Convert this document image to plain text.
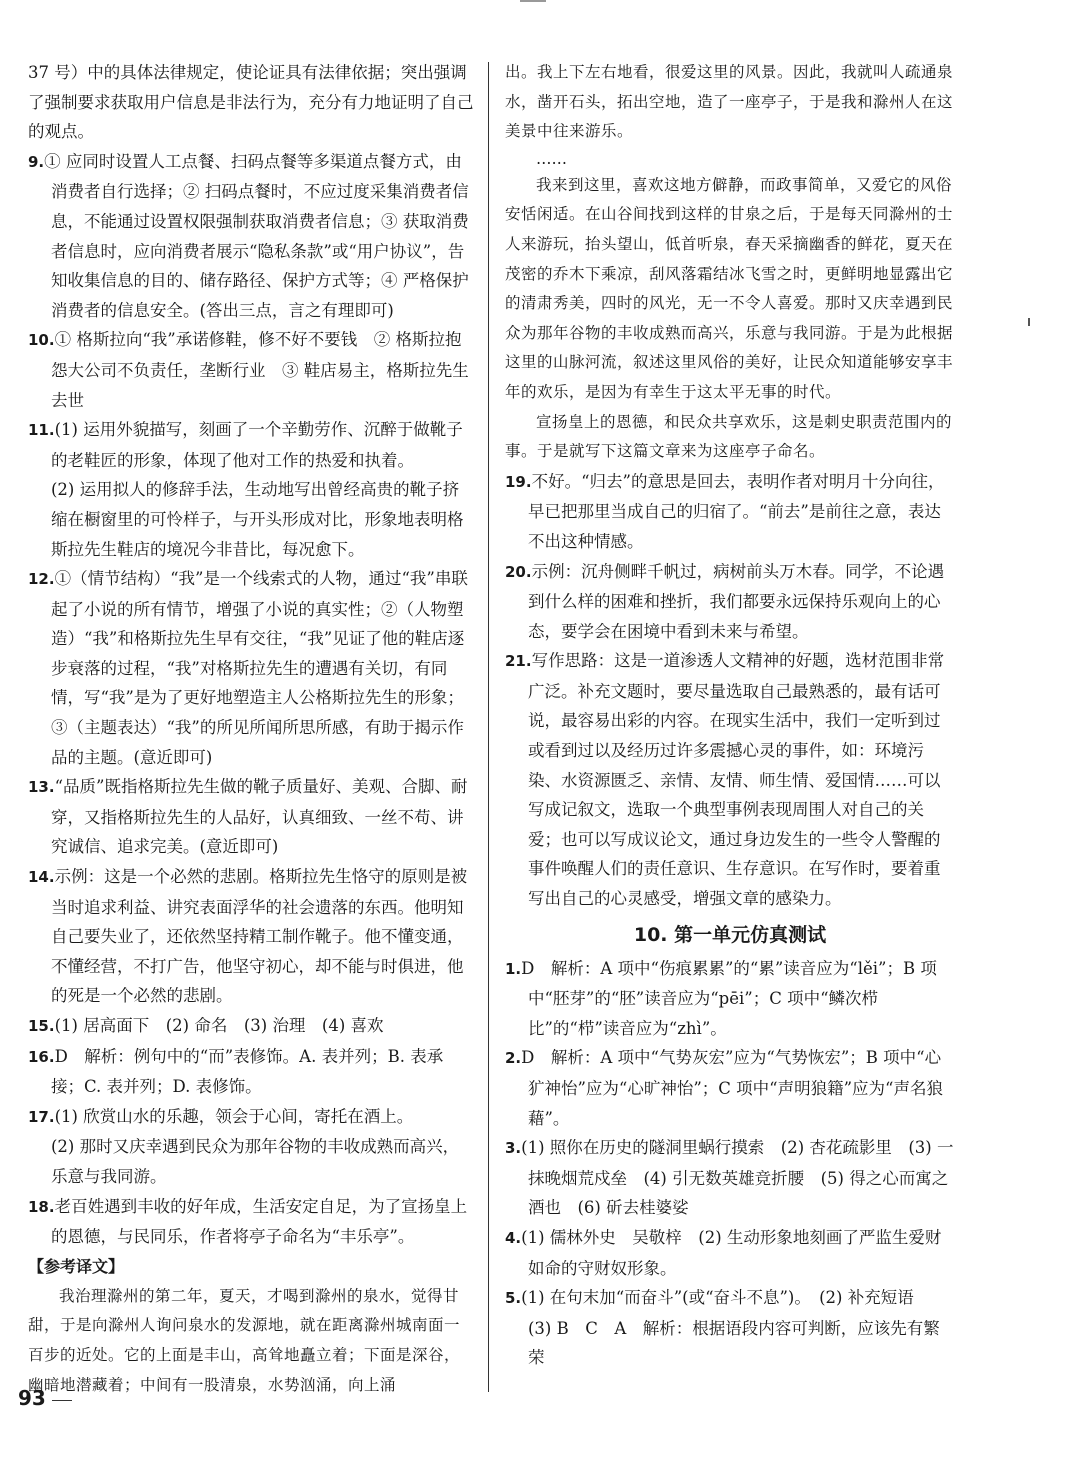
37 号）中的具体法律规定，使论证具有法律依据；突出强调了强制要求获取用户信息是非法行为，充分有力地证明了自己的观点。

9.① 应同时设置人工点餐、扫码点餐等多渠道点餐方式，由消费者自行选择；② 扫码点餐时，不应过度采集消费者信息，不能通过设置权限强制获取消费者信息；③ 获取消费者信息时，应向消费者展示“隐私条款”或“用户协议”，告知收集信息的目的、储存路径、保护方式等；④ 严格保护消费者的信息安全。(答出三点，言之有理即可)

10.① 格斯拉向“我”承诺修鞋，修不好不要钱　② 格斯拉抱怨大公司不负责任，垄断行业　③ 鞋店易主，格斯拉先生去世

11.(1) 运用外貌描写，刻画了一个辛勤劳作、沉醉于做靴子的老鞋匠的形象，体现了他对工作的热爱和执着。

(2) 运用拟人的修辞手法，生动地写出曾经高贵的靴子挤缩在橱窗里的可怜样子，与开头形成对比，形象地表明格斯拉先生鞋店的境况今非昔比，每况愈下。

12.①（情节结构）“我”是一个线索式的人物，通过“我”串联起了小说的所有情节，增强了小说的真实性；②（人物塑造）“我”和格斯拉先生早有交往，“我”见证了他的鞋店逐步衰落的过程，“我”对格斯拉先生的遭遇有关切，有同情，写“我”是为了更好地塑造主人公格斯拉先生的形象；③（主题表达）“我”的所见所闻所思所感，有助于揭示作品的主题。(意近即可)

13.“品质”既指格斯拉先生做的靴子质量好、美观、合脚、耐穿，又指格斯拉先生的人品好，认真细致、一丝不苟、讲究诚信、追求完美。(意近即可)

14.示例：这是一个必然的悲剧。格斯拉先生恪守的原则是被当时追求利益、讲究表面浮华的社会遗落的东西。他明知自己要失业了，还依然坚持精工制作靴子。他不懂变通，不懂经营，不打广告，他坚守初心，却不能与时俱进，他的死是一个必然的悲剧。

15.(1) 居高面下　(2) 命名　(3) 治理　(4) 喜欢

16.D　解析：例句中的“而”表修饰。A. 表并列；B. 表承接；C. 表并列；D. 表修饰。

17.(1) 欣赏山水的乐趣，领会于心间，寄托在酒上。

(2) 那时又庆幸遇到民众为那年谷物的丰收成熟而高兴，乐意与我同游。

18.老百姓遇到丰收的好年成，生活安定自足，为了宣扬皇上的恩德，与民同乐，作者将亭子命名为“丰乐亭”。

【参考译文】

我治理滁州的第二年，夏天，才喝到滁州的泉水，觉得甘甜，于是向滁州人询问泉水的发源地，就在距离滁州城南面一百步的近处。它的上面是丰山，高耸地矗立着；下面是深谷，幽暗地潜藏着；中间有一股清泉，水势汹涌，向上涌

出。我上下左右地看，很爱这里的风景。因此，我就叫人疏通泉水，凿开石头，拓出空地，造了一座亭子，于是我和滁州人在这美景中往来游乐。

……

我来到这里，喜欢这地方僻静，而政事简单，又爱它的风俗安恬闲适。在山谷间找到这样的甘泉之后，于是每天同滁州的士人来游玩，抬头望山，低首听泉，春天采摘幽香的鲜花，夏天在茂密的乔木下乘凉，刮风落霜结冰飞雪之时，更鲜明地显露出它的清肃秀美，四时的风光，无一不令人喜爱。那时又庆幸遇到民众为那年谷物的丰收成熟而高兴，乐意与我同游。于是为此根据这里的山脉河流，叙述这里风俗的美好，让民众知道能够安享丰年的欢乐，是因为有幸生于这太平无事的时代。

宣扬皇上的恩德，和民众共享欢乐，这是刺史职责范围内的事。于是就写下这篇文章来为这座亭子命名。

19.不好。“归去”的意思是回去，表明作者对明月十分向往，早已把那里当成自己的归宿了。“前去”是前往之意，表达不出这种情感。

20.示例：沉舟侧畔千帆过，病树前头万木春。同学，不论遇到什么样的困难和挫折，我们都要永远保持乐观向上的心态，要学会在困境中看到未来与希望。

21.写作思路：这是一道渗透人文精神的好题，选材范围非常广泛。补充文题时，要尽量选取自己最熟悉的，最有话可说，最容易出彩的内容。在现实生活中，我们一定听到过或看到过以及经历过许多震撼心灵的事件，如：环境污染、水资源匮乏、亲情、友情、师生情、爱国情……可以写成记叙文，选取一个典型事例表现周围人对自己的关爱；也可以写成议论文，通过身边发生的一些令人警醒的事件唤醒人们的责任意识、生存意识。在写作时，要着重写出自己的心灵感受，增强文章的感染力。

10. 第一单元仿真测试

1.D　解析：A 项中“伤痕累累”的“累”读音应为“lěi”；B 项中“胚芽”的“胚”读音应为“pēi”；C 项中“鳞次栉比”的“栉”读音应为“zhì”。

2.D　解析：A 项中“气势灰宏”应为“气势恢宏”；B 项中“心犷神怡”应为“心旷神怡”；C 项中“声明狼籍”应为“声名狼藉”。

3.(1) 照你在历史的隧洞里蜗行摸索　(2) 杏花疏影里　(3) 一抹晚烟荒戍垒　(4) 引无数英雄竞折腰　(5) 得之心而寓之酒也　(6) 斫去桂婆娑

4.(1) 儒林外史　吴敬梓　(2) 生动形象地刻画了严监生爱财如命的守财奴形象。

5.(1) 在句末加“而奋斗”(或“奋斗不息”)。　(2) 补充短语

(3) B　C　A　解析：根据语段内容可判断，应该先有繁荣

93
